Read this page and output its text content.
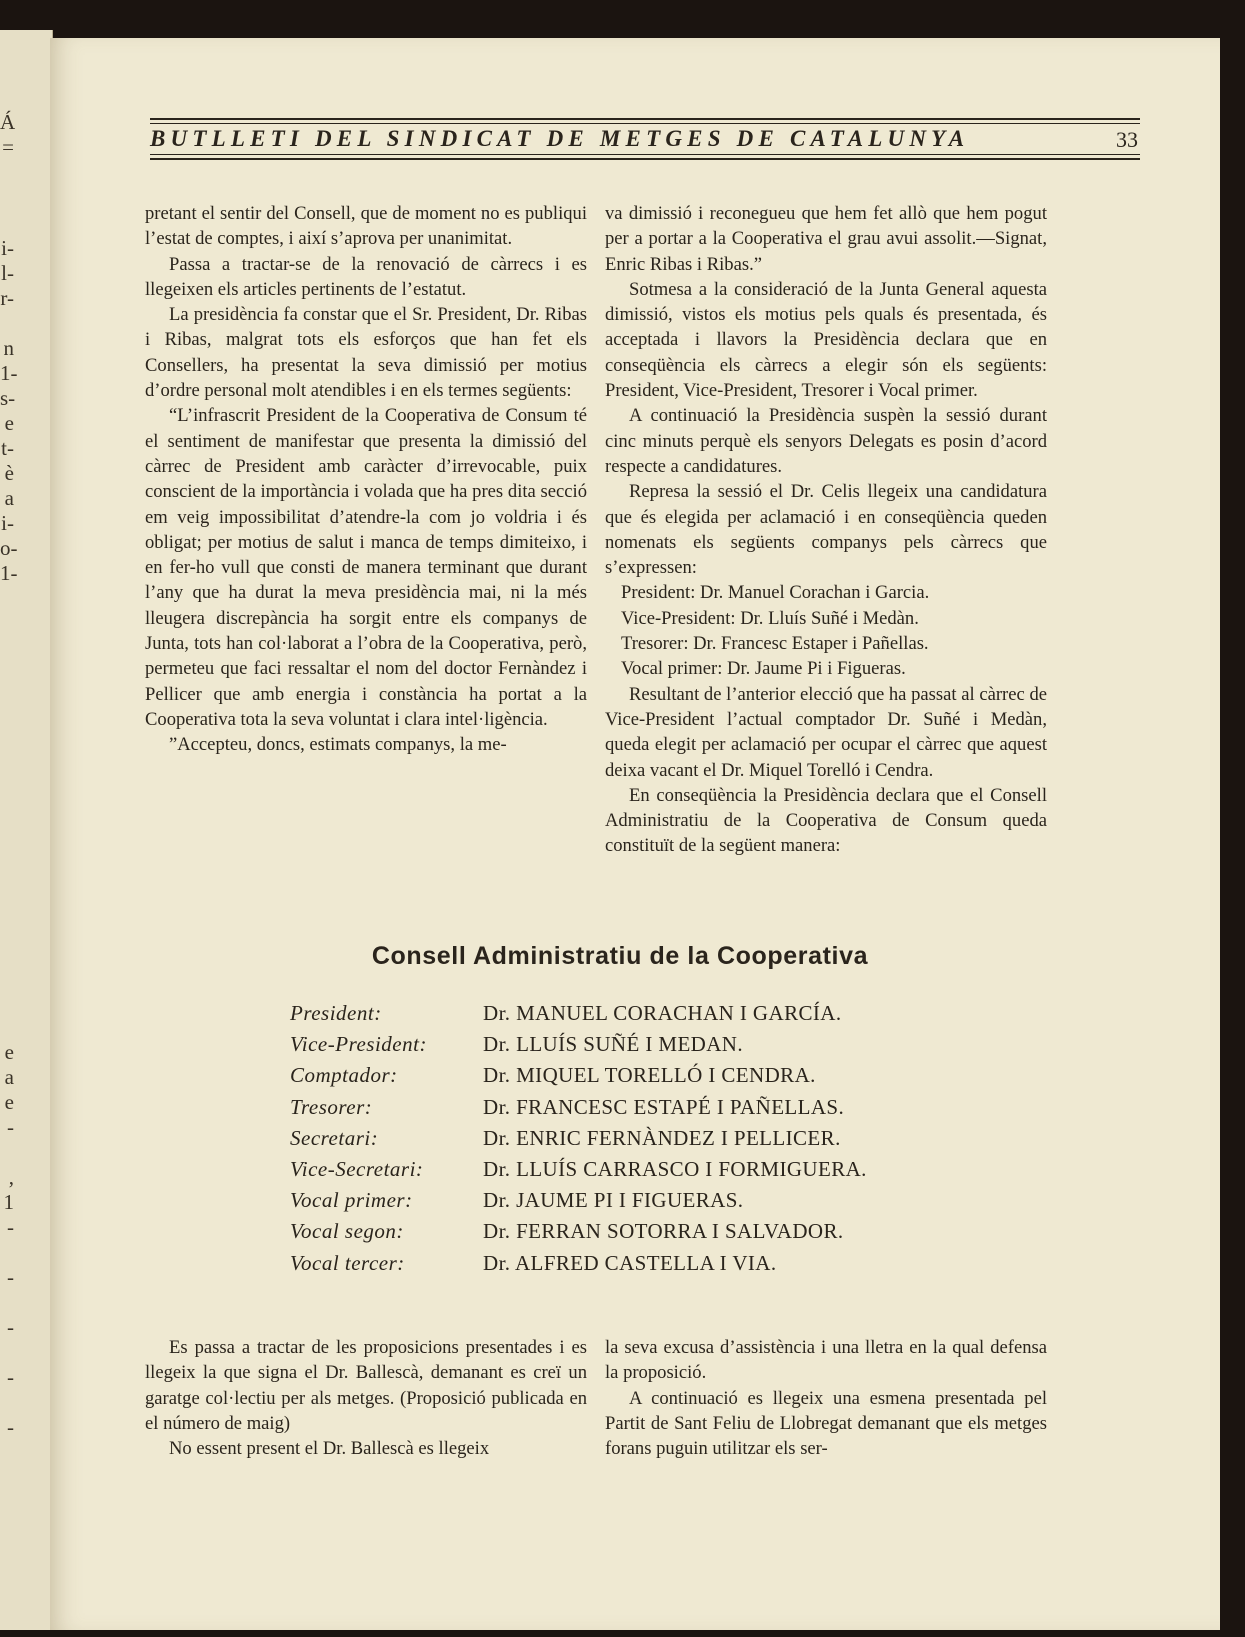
Á
=
i-
l-
r-
n
1-
s-
e
t-
è
a
i-
o-
1-
e
a
e
-
,
1
-
-
-
-
-
BUTLLETI DEL SINDICAT DE METGES DE CATALUNYA	33

pretant el sentir del Consell, que de moment no es publiqui l’estat de comptes, i així s’aprova per unanimitat.

Passa a tractar-se de la renovació de càrrecs i es llegeixen els articles pertinents de l’estatut.

La presidència fa constar que el Sr. President, Dr. Ribas i Ribas, malgrat tots els esforços que han fet els Consellers, ha presentat la seva dimissió per motius d’ordre personal molt atendibles i en els termes següents:

“L’infrascrit President de la Cooperativa de Consum té el sentiment de manifestar que presenta la dimissió del càrrec de President amb caràcter d’irrevocable, puix conscient de la importància i volada que ha pres dita secció em veig impossibilitat d’atendre-la com jo voldria i és obligat; per motius de salut i manca de temps dimiteixo, i en fer-ho vull que consti de manera terminant que durant l’any que ha durat la meva presidència mai, ni la més lleugera discrepància ha sorgit entre els companys de Junta, tots han col·laborat a l’obra de la Cooperativa, però, permeteu que faci ressaltar el nom del doctor Fernàndez i Pellicer que amb energia i constància ha portat a la Cooperativa tota la seva voluntat i clara intel·ligència.

”Accepteu, doncs, estimats companys, la me-

va dimissió i reconegueu que hem fet allò que hem pogut per a portar a la Cooperativa el grau avui assolit.—Signat, Enric Ribas i Ribas.”

Sotmesa a la consideració de la Junta General aquesta dimissió, vistos els motius pels quals és presentada, és acceptada i llavors la Presidència declara que en conseqüència els càrrecs a elegir són els següents: President, Vice-President, Tresorer i Vocal primer.

A continuació la Presidència suspèn la sessió durant cinc minuts perquè els senyors Delegats es posin d’acord respecte a candidatures.

Represa la sessió el Dr. Celis llegeix una candidatura que és elegida per aclamació i en conseqüència queden nomenats els següents companys pels càrrecs que s’expressen:

President: Dr. Manuel Corachan i Garcia.

Vice-President: Dr. Lluís Suñé i Medàn.

Tresorer: Dr. Francesc Estaper i Pañellas.

Vocal primer: Dr. Jaume Pi i Figueras.

Resultant de l’anterior elecció que ha passat al càrrec de Vice-President l’actual comptador Dr. Suñé i Medàn, queda elegit per aclamació per ocupar el càrrec que aquest deixa vacant el Dr. Miquel Torelló i Cendra.

En conseqüència la Presidència declara que el Consell Administratiu de la Cooperativa de Consum queda constituït de la següent manera:

Consell Administratiu de la Cooperativa
President:	Dr. MANUEL CORACHAN I GARCÍA.
Vice-President:	Dr. LLUÍS SUÑÉ I MEDAN.
Comptador:	Dr. MIQUEL TORELLÓ I CENDRA.
Tresorer:	Dr. FRANCESC ESTAPÉ I PAÑELLAS.
Secretari:	Dr. ENRIC FERNÀNDEZ I PELLICER.
Vice-Secretari:	Dr. LLUÍS CARRASCO I FORMIGUERA.
Vocal primer:	Dr. JAUME PI I FIGUERAS.
Vocal segon:	Dr. FERRAN SOTORRA I SALVADOR.
Vocal tercer:	Dr. ALFRED CASTELLA I VIA.

Es passa a tractar de les proposicions presentades i es llegeix la que signa el Dr. Ballescà, demanant es creï un garatge col·lectiu per als metges. (Proposició publicada en el número de maig)

No essent present el Dr. Ballescà es llegeix

la seva excusa d’assistència i una lletra en la qual defensa la proposició.

A continuació es llegeix una esmena presentada pel Partit de Sant Feliu de Llobregat demanant que els metges forans puguin utilitzar els ser-
